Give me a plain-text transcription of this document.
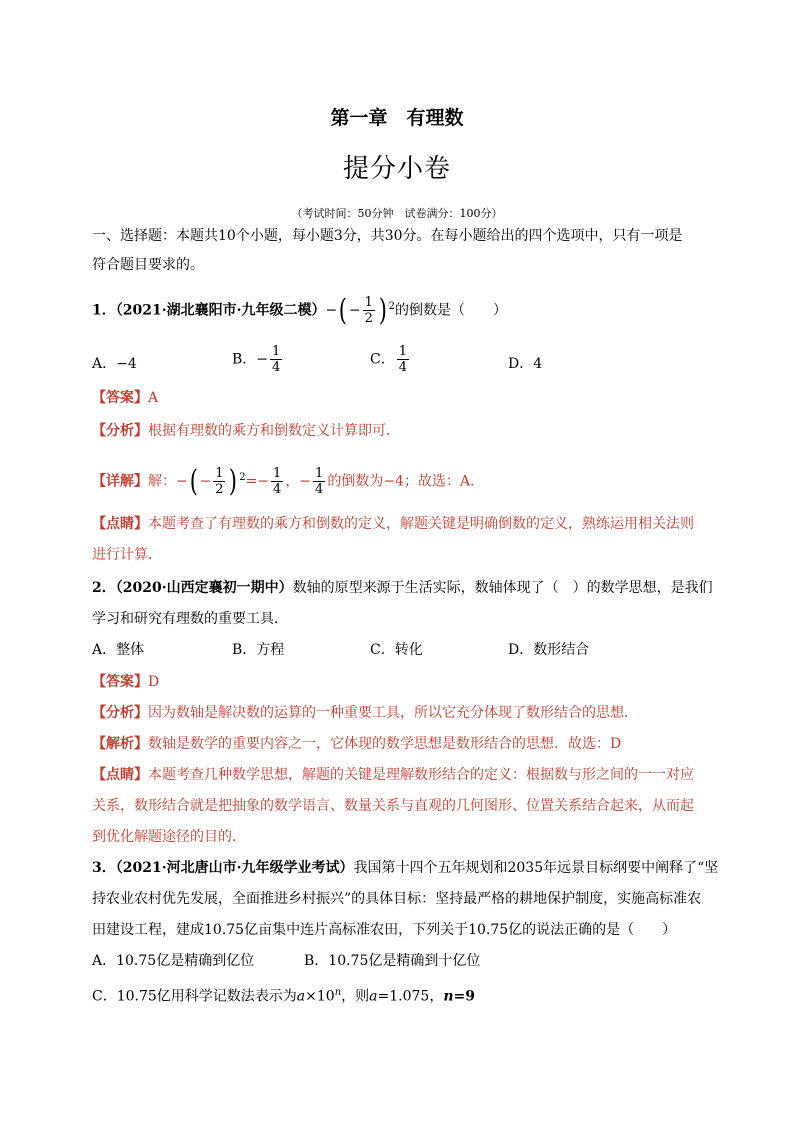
第一章　有理数
提分小卷
（考试时间：50分钟　试卷满分：100分）
一、选择题：本题共10个小题，每小题3分，共30分。在每小题给出的四个选项中，只有一项是
符合题目要求的。
1．（2021·湖北襄阳市·九年级二模）−( − $\frac{1}{2}$ ) $^2$的倒数是（　　）
A．−4	B．− $\frac{1}{4}$	C． $\frac{1}{4}$	D．4
【答案】A
【分析】根据有理数的乘方和倒数定义计算即可．
【详解】解：−( − $\frac{1}{2}$ ) $^2=- \frac{1}{4}$ ，− $\frac{1}{4}$ 的倒数为−4；故选：A．
【点睛】本题考查了有理数的乘方和倒数的定义，解题关键是明确倒数的定义，熟练运用相关法则
进行计算．
2．（2020·山西定襄初一期中）数轴的原型来源于生活实际，数轴体现了（　）的数学思想，是我们
学习和研究有理数的重要工具．
A．整体	B．方程	C．转化	D．数形结合
【答案】D
【分析】因为数轴是解决数的运算的一种重要工具，所以它充分体现了数形结合的思想．
【解析】数轴是数学的重要内容之一，它体现的数学思想是数形结合的思想．故选：D
【点睛】本题考查几种数学思想，解题的关键是理解数形结合的定义：根据数与形之间的一一对应
关系，数形结合就是把抽象的数学语言、数量关系与直观的几何图形、位置关系结合起来，从而起
到优化解题途径的目的．
3．（2021·河北唐山市·九年级学业考试）我国第十四个五年规划和2035年远景目标纲要中阐释了“坚
持农业农村优先发展，全面推进乡村振兴”的具体目标：坚持最严格的耕地保护制度，实施高标准农
田建设工程，建成10.75亿亩集中连片高标准农田，下列关于10.75亿的说法正确的是（　　）
A．10.75亿是精确到亿位	B．10.75亿是精确到十亿位
C．10.75亿用科学记数法表示为$a\times 10^n$，则a=1.075，n=9
